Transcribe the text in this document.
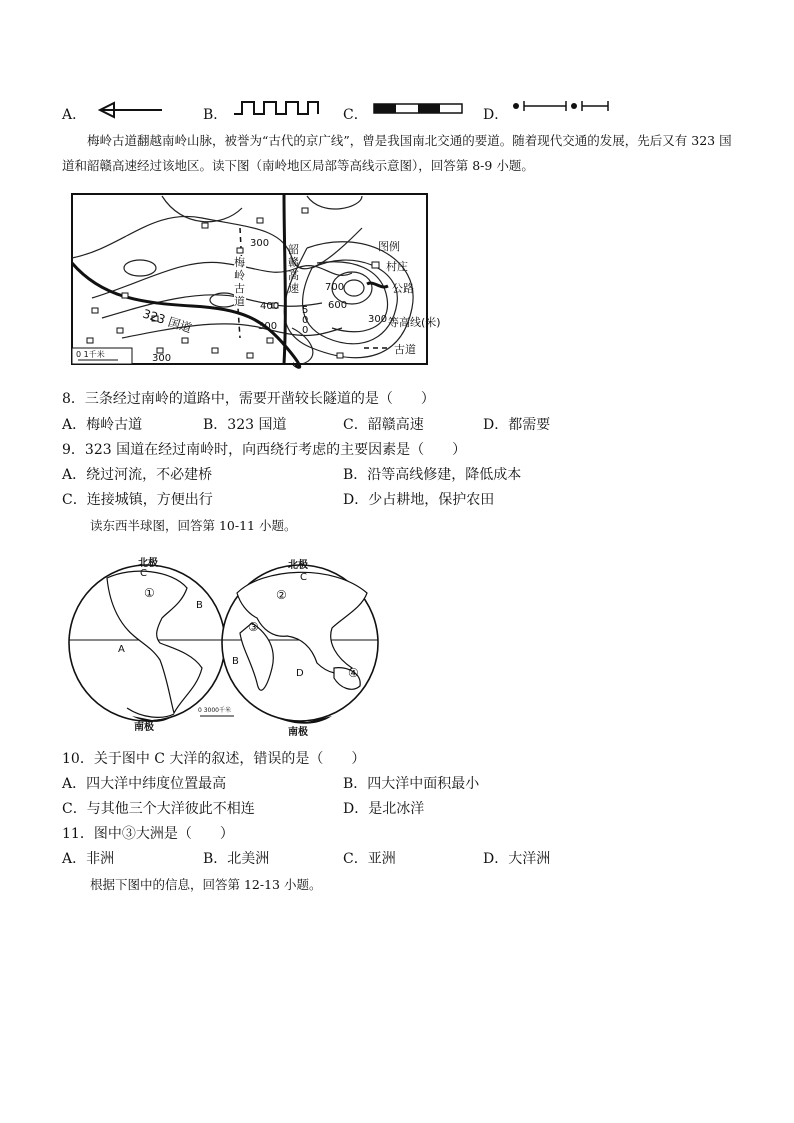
A．	B．	C．	D．
梅岭古道翻越南岭山脉，被誉为“古代的京广线”，曾是我国南北交通的要道。随着现代交通的发展，先后又有 323 国道和韶赣高速经过该地区。读下图（南岭地区局部等高线示意图），回答第 8-9 小题。
300
400
300
300
700
600
500
323 国道
梅岭古道
韶赣高速
0 1千米
图例
村庄
公路
300 等高线(米)
古道
8．三条经过南岭的道路中，需要开凿较长隧道的是（　　）
A．梅岭古道	B．323 国道	C．韶赣高速	D．都需要
9．323 国道在经过南岭时，向西绕行考虑的主要因素是（　　）
A．绕过河流，不必建桥	B．沿等高线修建，降低成本
C．连接城镇，方便出行	D．少占耕地，保护农田
读东西半球图，回答第 10-11 小题。
北极	北极
南极	南极
C	C
①	②
③
④
B
B
A
D
0 3000千米
10．关于图中 C 大洋的叙述，错误的是（　　）
A．四大洋中纬度位置最高	B．四大洋中面积最小
C．与其他三个大洋彼此不相连	D．是北冰洋
11．图中③大洲是（　　）
A．非洲	B．北美洲	C．亚洲	D．大洋洲
根据下图中的信息，回答第 12-13 小题。
